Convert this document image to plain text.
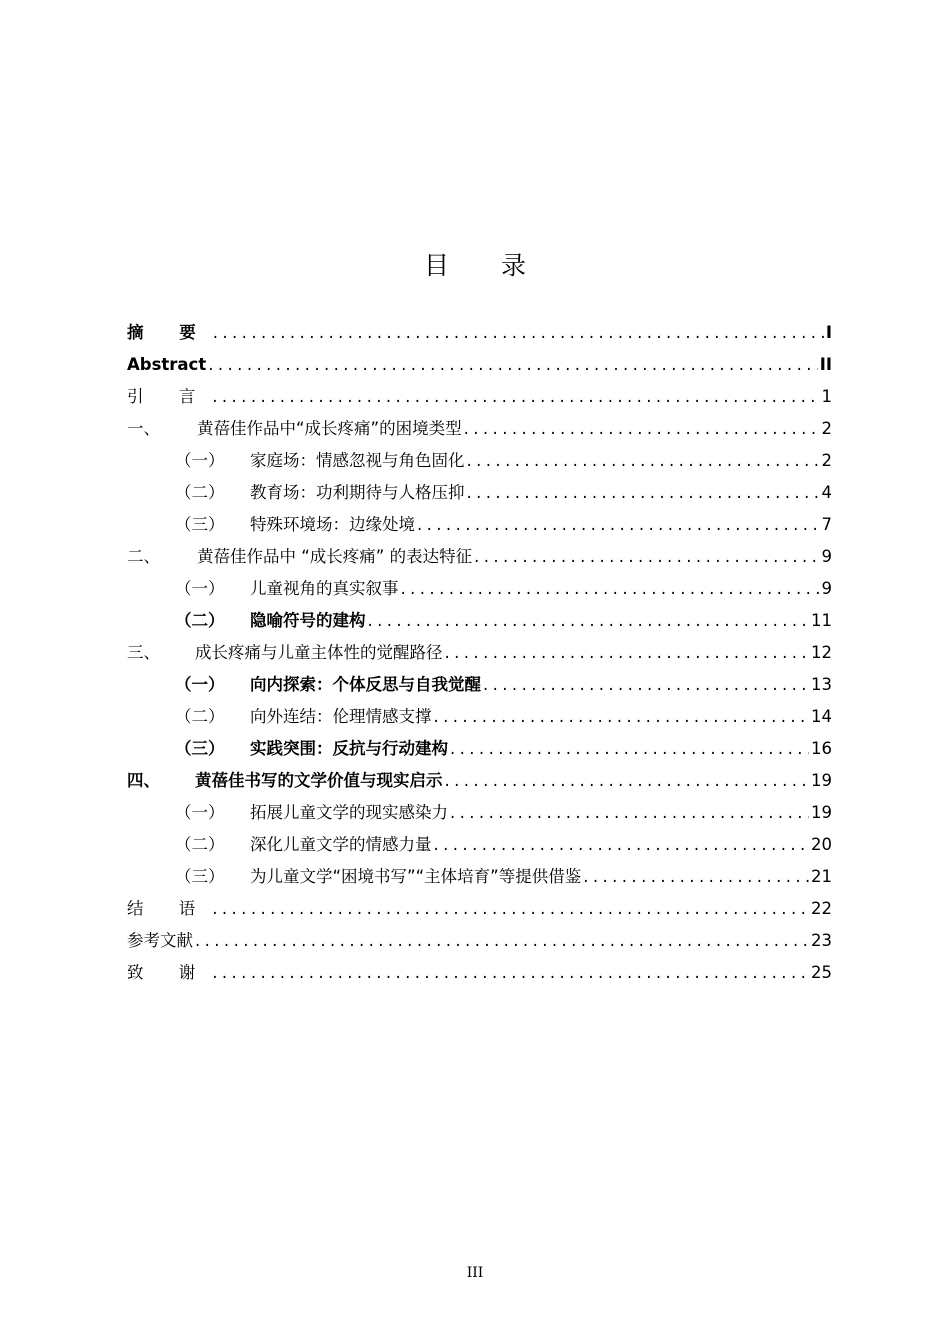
目 录
摘 要 .....	I
Abstract .....	II
引 言 .....	1
一、	黄蓓佳作品中“成长疼痛”的困境类型 .....	2
（一）	家庭场：情感忽视与角色固化 .....	2
（二）	教育场：功利期待与人格压抑 .....	4
（三）	特殊环境场：边缘处境 .....	7
二、	黄蓓佳作品中 “成长疼痛” 的表达特征 .....	9
（一）	儿童视角的真实叙事 .....	9
（二）	隐喻符号的建构 .....	11
三、	成长疼痛与儿童主体性的觉醒路径 .....	12
（一）	向内探索：个体反思与自我觉醒 .....	13
（二）	向外连结：伦理情感支撑 .....	14
（三）	实践突围：反抗与行动建构 .....	16
四、	黄蓓佳书写的文学价值与现实启示 .....	19
（一）	拓展儿童文学的现实感染力 .....	19
（二）	深化儿童文学的情感力量 .....	20
（三）	为儿童文学“困境书写”“主体培育”等提供借鉴 .....	21
结 语 .....	22
参考文献 .....	23
致 谢 .....	25
III
